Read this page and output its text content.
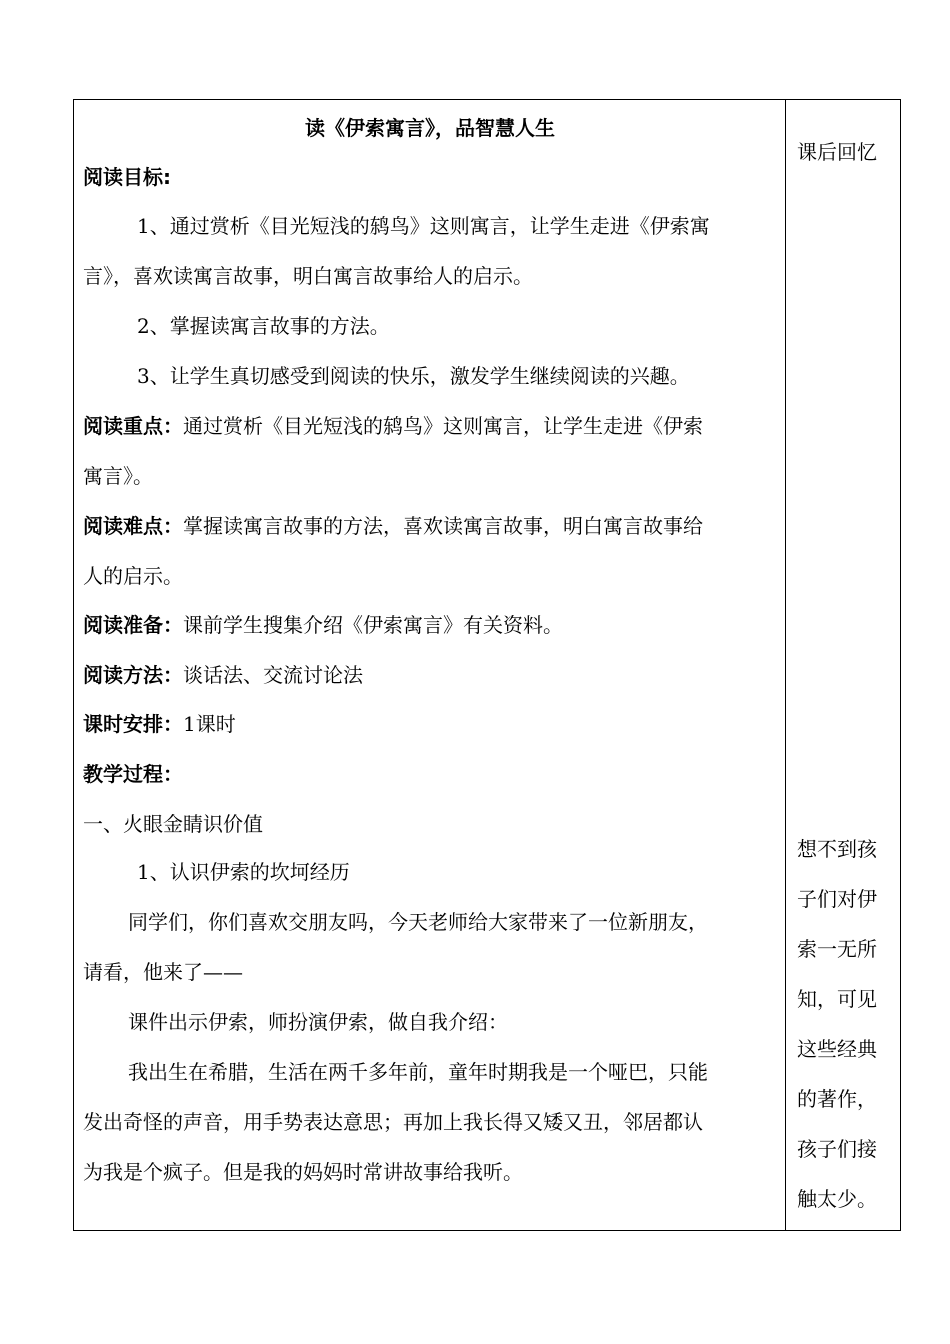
读《伊索寓言》，品智慧人生
阅读目标:
1、通过赏析《目光短浅的鸫鸟》这则寓言，让学生走进《伊索寓
言》，喜欢读寓言故事，明白寓言故事给人的启示。
2、掌握读寓言故事的方法。
3、让学生真切感受到阅读的快乐，激发学生继续阅读的兴趣。
阅读重点：通过赏析《目光短浅的鸫鸟》这则寓言，让学生走进《伊索
寓言》。
阅读难点：掌握读寓言故事的方法，喜欢读寓言故事，明白寓言故事给
人的启示。
阅读准备：课前学生搜集介绍《伊索寓言》有关资料。
阅读方法：谈话法、交流讨论法
课时安排：1课时
教学过程：
一、火眼金睛识价值
1、认识伊索的坎坷经历
同学们，你们喜欢交朋友吗，今天老师给大家带来了一位新朋友，
请看，他来了——
课件出示伊索，师扮演伊索，做自我介绍：
我出生在希腊，生活在两千多年前，童年时期我是一个哑巴，只能
发出奇怪的声音，用手势表达意思；再加上我长得又矮又丑，邻居都认
为我是个疯子。但是我的妈妈时常讲故事给我听。
课后回忆
想不到孩
子们对伊
索一无所
知，可见
这些经典
的著作，
孩子们接
触太少。
